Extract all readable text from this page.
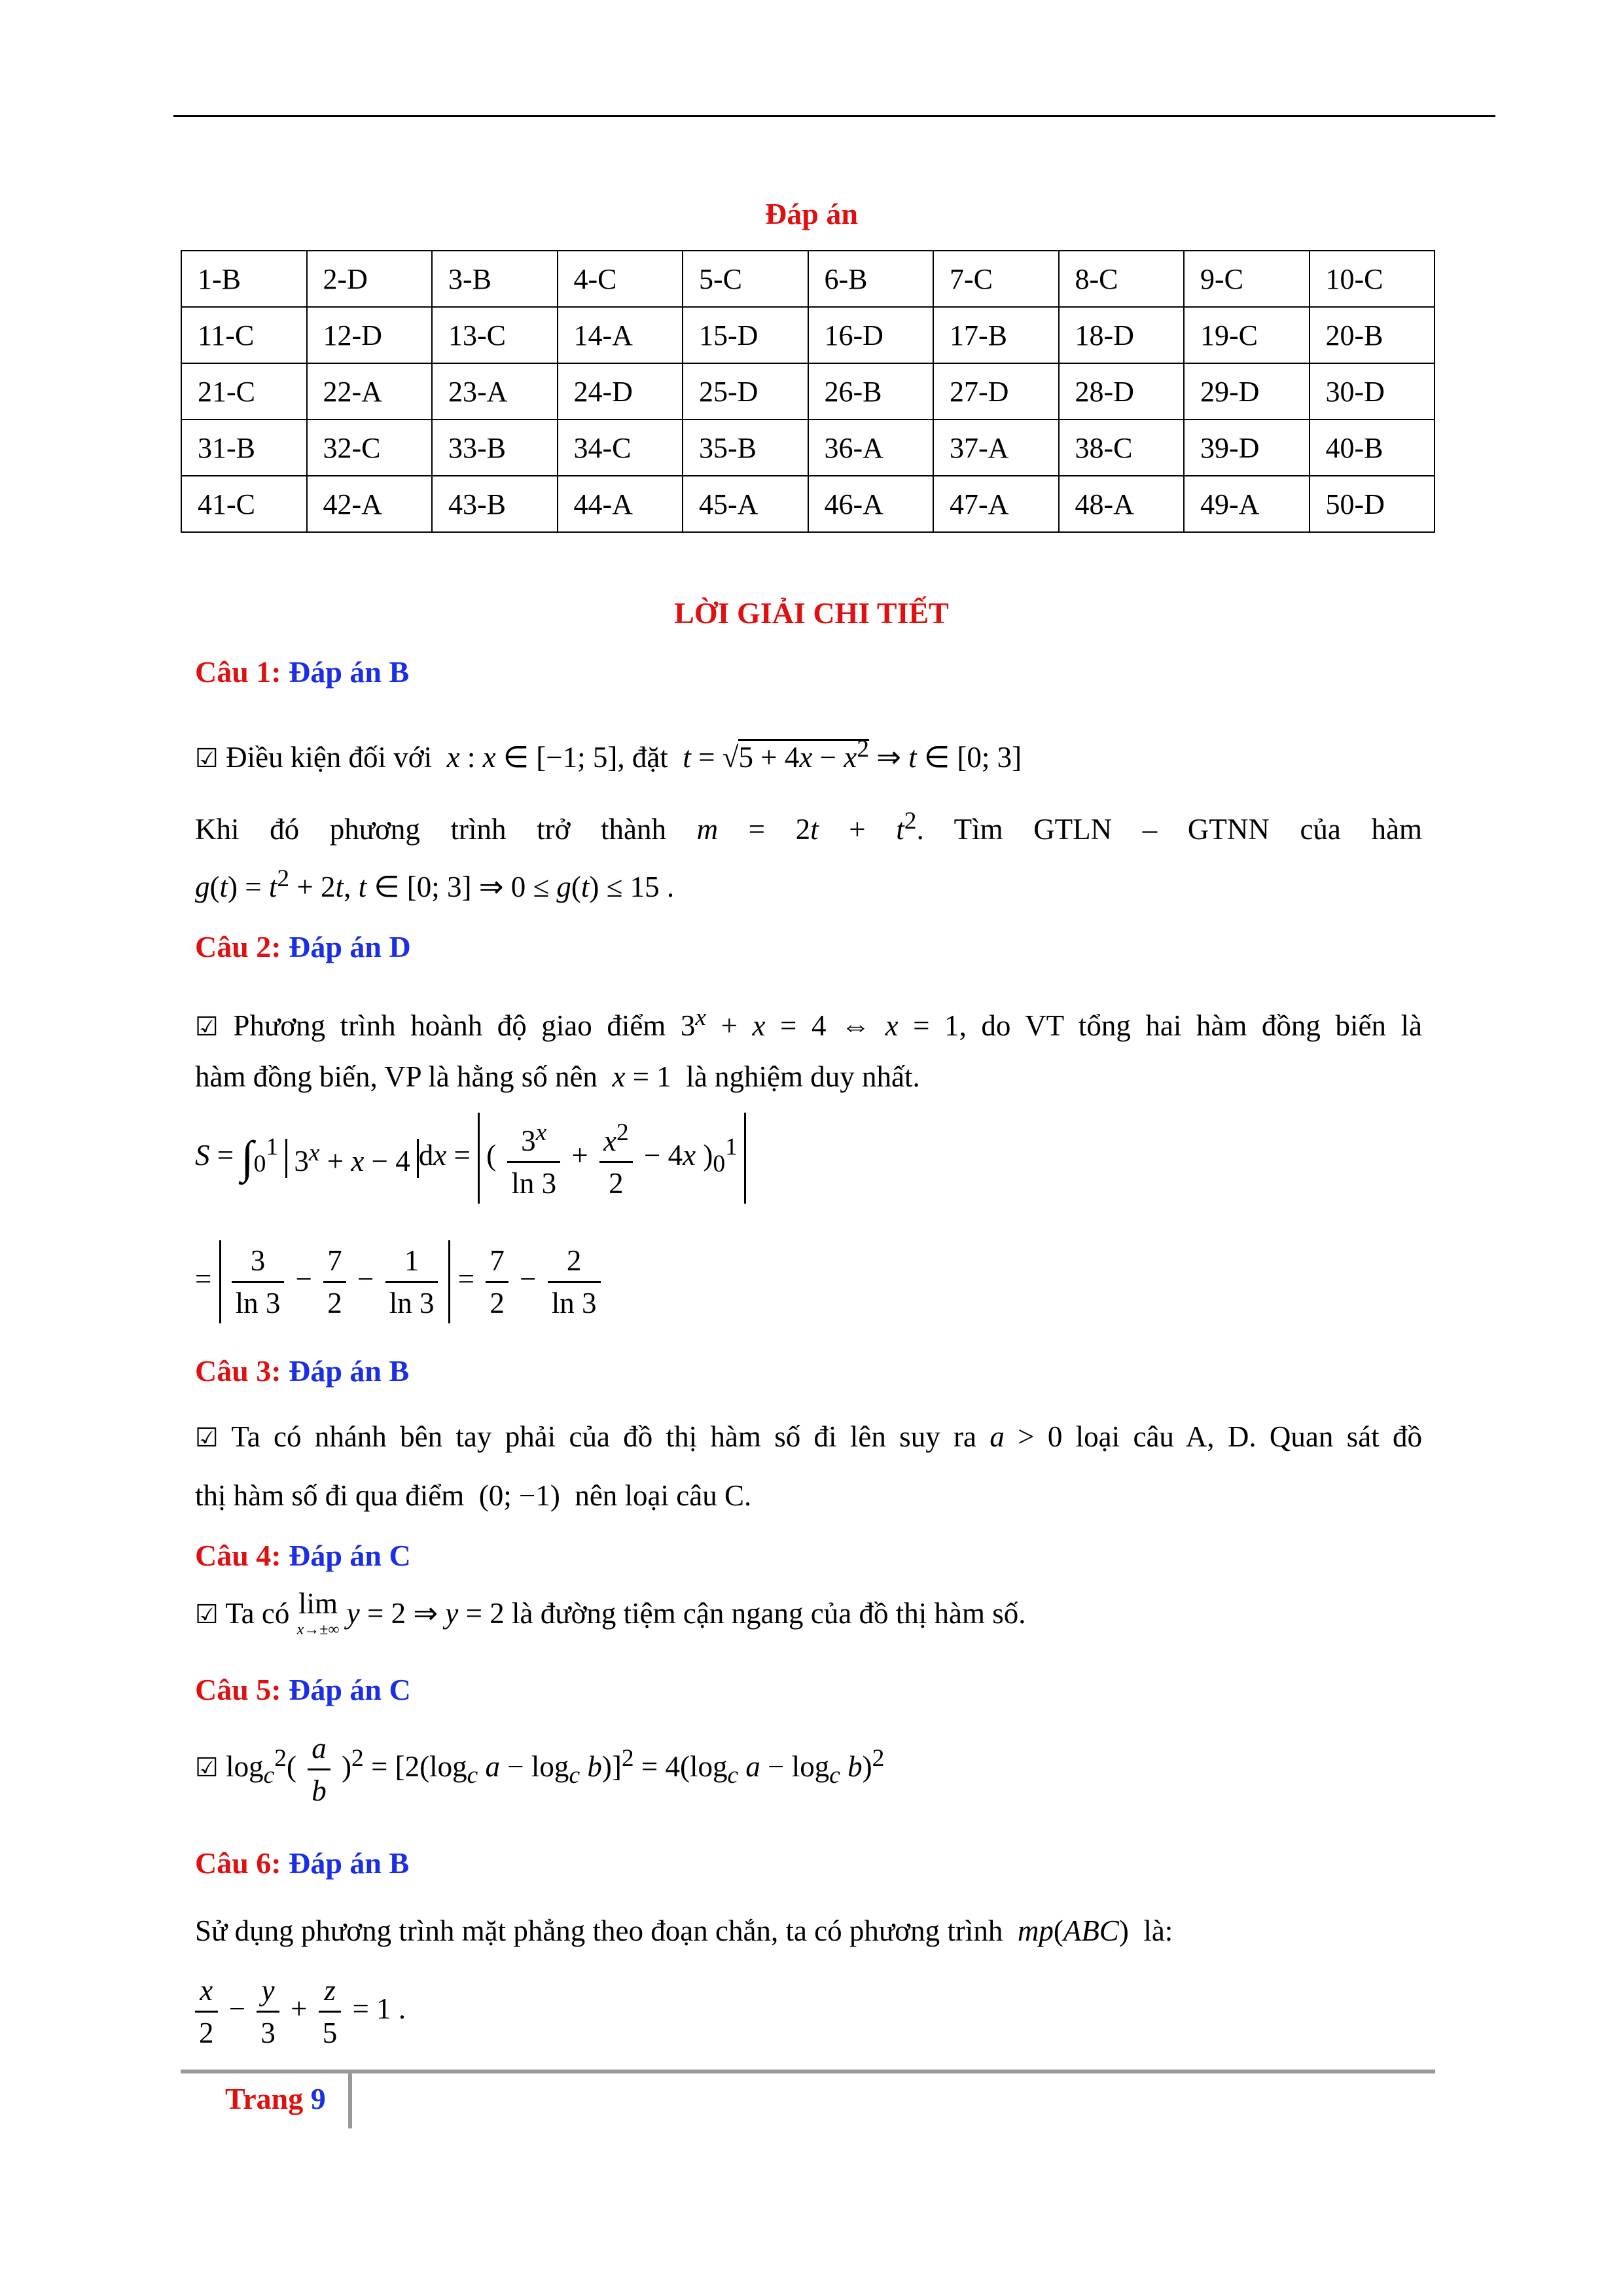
Đáp án
1-B	2-D	3-B	4-C	5-C	6-B	7-C	8-C	9-C	10-C
11-C	12-D	13-C	14-A	15-D	16-D	17-B	18-D	19-C	20-B
21-C	22-A	23-A	24-D	25-D	26-B	27-D	28-D	29-D	30-D
31-B	32-C	33-B	34-C	35-B	36-A	37-A	38-C	39-D	40-B
41-C	42-A	43-B	44-A	45-A	46-A	47-A	48-A	49-A	50-D
LỜI GIẢI CHI TIẾT
Câu 1: Đáp án B
☑ Điều kiện đối với x : x ∈ [−1; 5], đặt $t = √5 + 4x - x^2$ ⇒ t ∈ [0; 3]
Khi đó phương trình trở thành $m = 2t + t^2$. Tìm GTLN – GTNN của hàm
$g(t) = t^2 + 2t$, t ∈ [0; 3] ⇒ 0 ≤ g(t) ≤ 15 .
Câu 2: Đáp án D
☑ Phương trình hoành độ giao điểm $3^x + x = 4$ ⇔ x = 1, do VT tổng hai hàm đồng biến là
hàm đồng biến, VP là hằng số nên x = 1  là nghiệm duy nhất.
$S = \int_0^1$ $3^x + x - 4$ dx = ( $\frac{3^x}{\ln 3} + \frac{x^2}{2} - 4x$ )$_0^1$
= $\frac{3}{\ln 3} - \frac{7}{2} - \frac{1}{\ln 3} = \frac{7}{2} - \frac{2}{\ln 3}$
Câu 3: Đáp án B
☑ Ta có nhánh bên tay phải của đồ thị hàm số đi lên suy ra a > 0 loại câu A, D. Quan sát đồ
thị hàm số đi qua điểm  (0; −1)  nên loại câu C.
Câu 4: Đáp án C
☑ Ta có lim

x→±∞ y = 2 ⇒ y = 2 là đường tiệm cận ngang của đồ thị hàm số.
Câu 5: Đáp án C
☑ $\log_c^2( \frac{a}{b} )^2 = [2(\log_c$ $a - \log_c b)]^2 = 4(\log_c$ $a - \log_c b)^2$
Câu 6: Đáp án B
Sử dụng phương trình mặt phẳng theo đoạn chắn, ta có phương trình mp(ABC)  là:
$\frac{x}{2} - \frac{y}{3} + \frac{z}{5} = 1$ .
Trang 9
